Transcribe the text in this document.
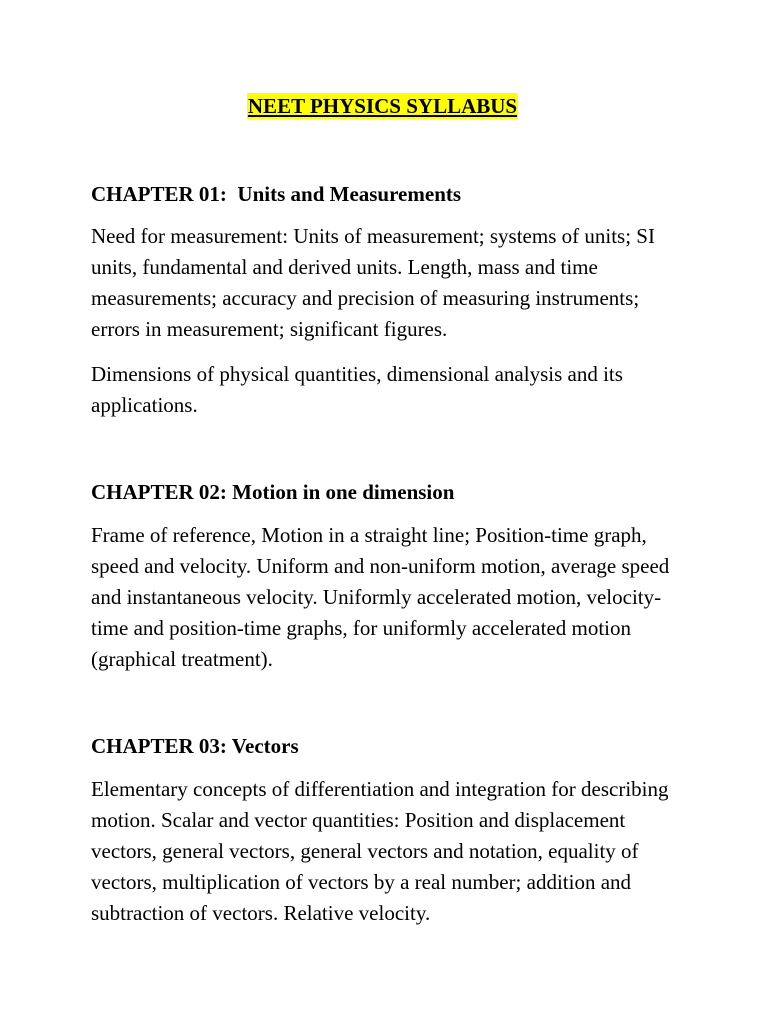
NEET PHYSICS SYLLABUS
CHAPTER 01:  Units and Measurements

Need for measurement: Units of measurement; systems of units; SI units, fundamental and derived units. Length, mass and time measurements; accuracy and precision of measuring instruments; errors in measurement; significant figures.

Dimensions of physical quantities, dimensional analysis and its applications.

CHAPTER 02: Motion in one dimension

Frame of reference, Motion in a straight line; Position-time graph, speed and velocity. Uniform and non-uniform motion, average speed and instantaneous velocity. Uniformly accelerated motion, velocity-time and position-time graphs, for uniformly accelerated motion (graphical treatment).

CHAPTER 03: Vectors

Elementary concepts of differentiation and integration for describing motion. Scalar and vector quantities: Position and displacement vectors, general vectors, general vectors and notation, equality of vectors, multiplication of vectors by a real number; addition and subtraction of vectors. Relative velocity.
